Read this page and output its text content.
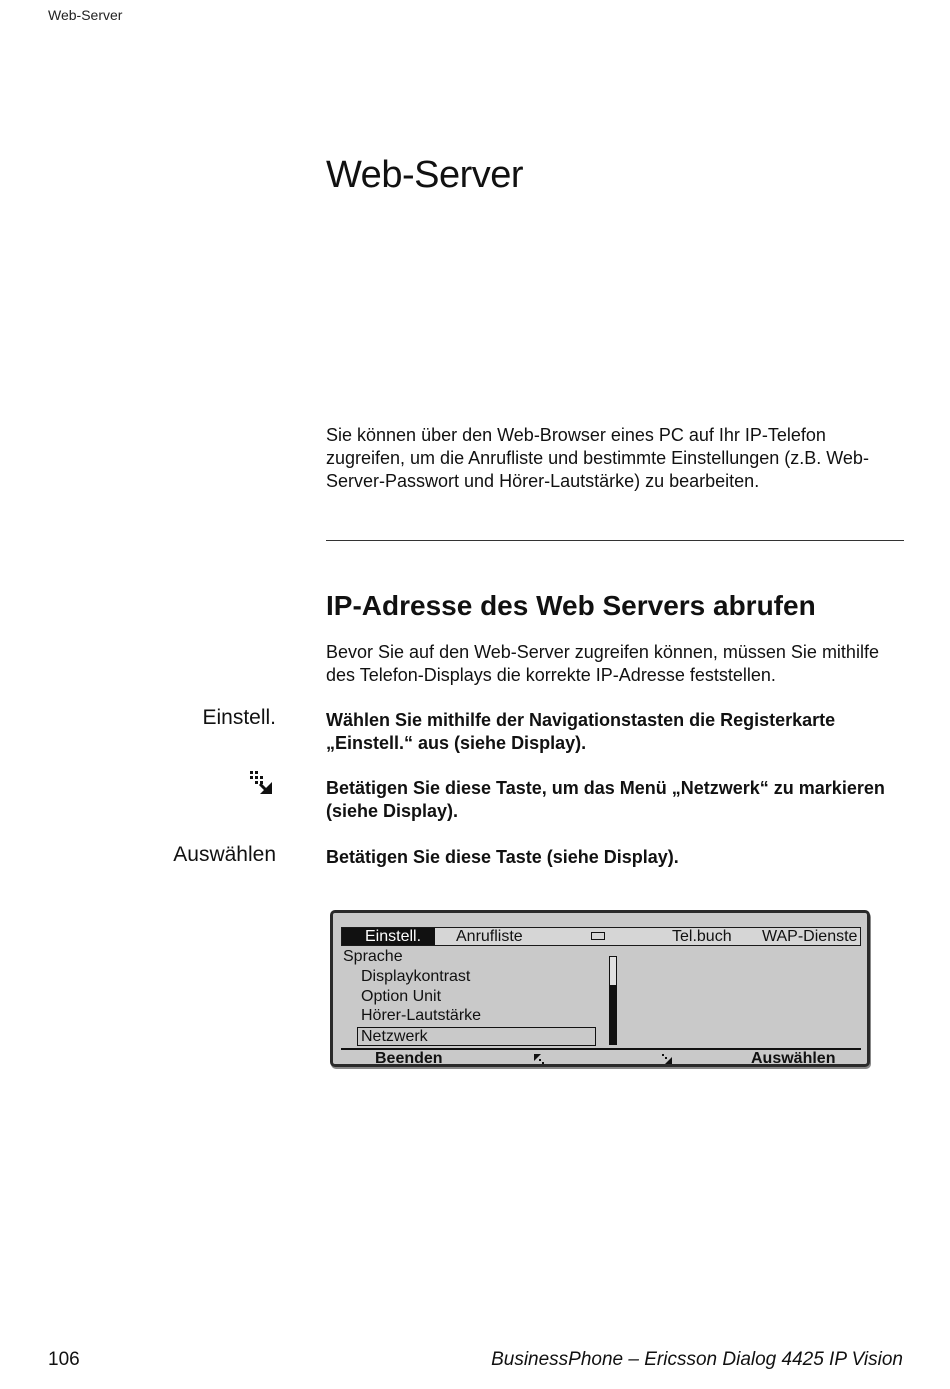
Web-Server
Web-Server

Sie können über den Web-Browser eines PC auf Ihr IP-Telefon zugreifen, um die Anrufliste und bestimmte Einstellungen (z.B. Web-Server-Passwort und Hörer-Lautstärke) zu bearbeiten.

IP-Adresse des Web Servers abrufen

Bevor Sie auf den Web-Server zugreifen können, müssen Sie mithilfe des Telefon-Displays die korrekte IP-Adresse feststellen.

Einstell.	Wählen Sie mithilfe der Navigationstasten die Registerkarte „Einstell.“ aus (siehe Display).

Betätigen Sie diese Taste, um das Menü „Netzwerk“ zu markieren (siehe Display).

Auswählen	Betätigen Sie diese Taste (siehe Display).

Einstell.	Anrufliste	Tel.buch WAP-Dienste
Sprache
Displaykontrast
Option Unit
Hörer-Lautstärke
Netzwerk
Beenden	Auswählen
106	BusinessPhone – Ericsson Dialog 4425 IP Vision
